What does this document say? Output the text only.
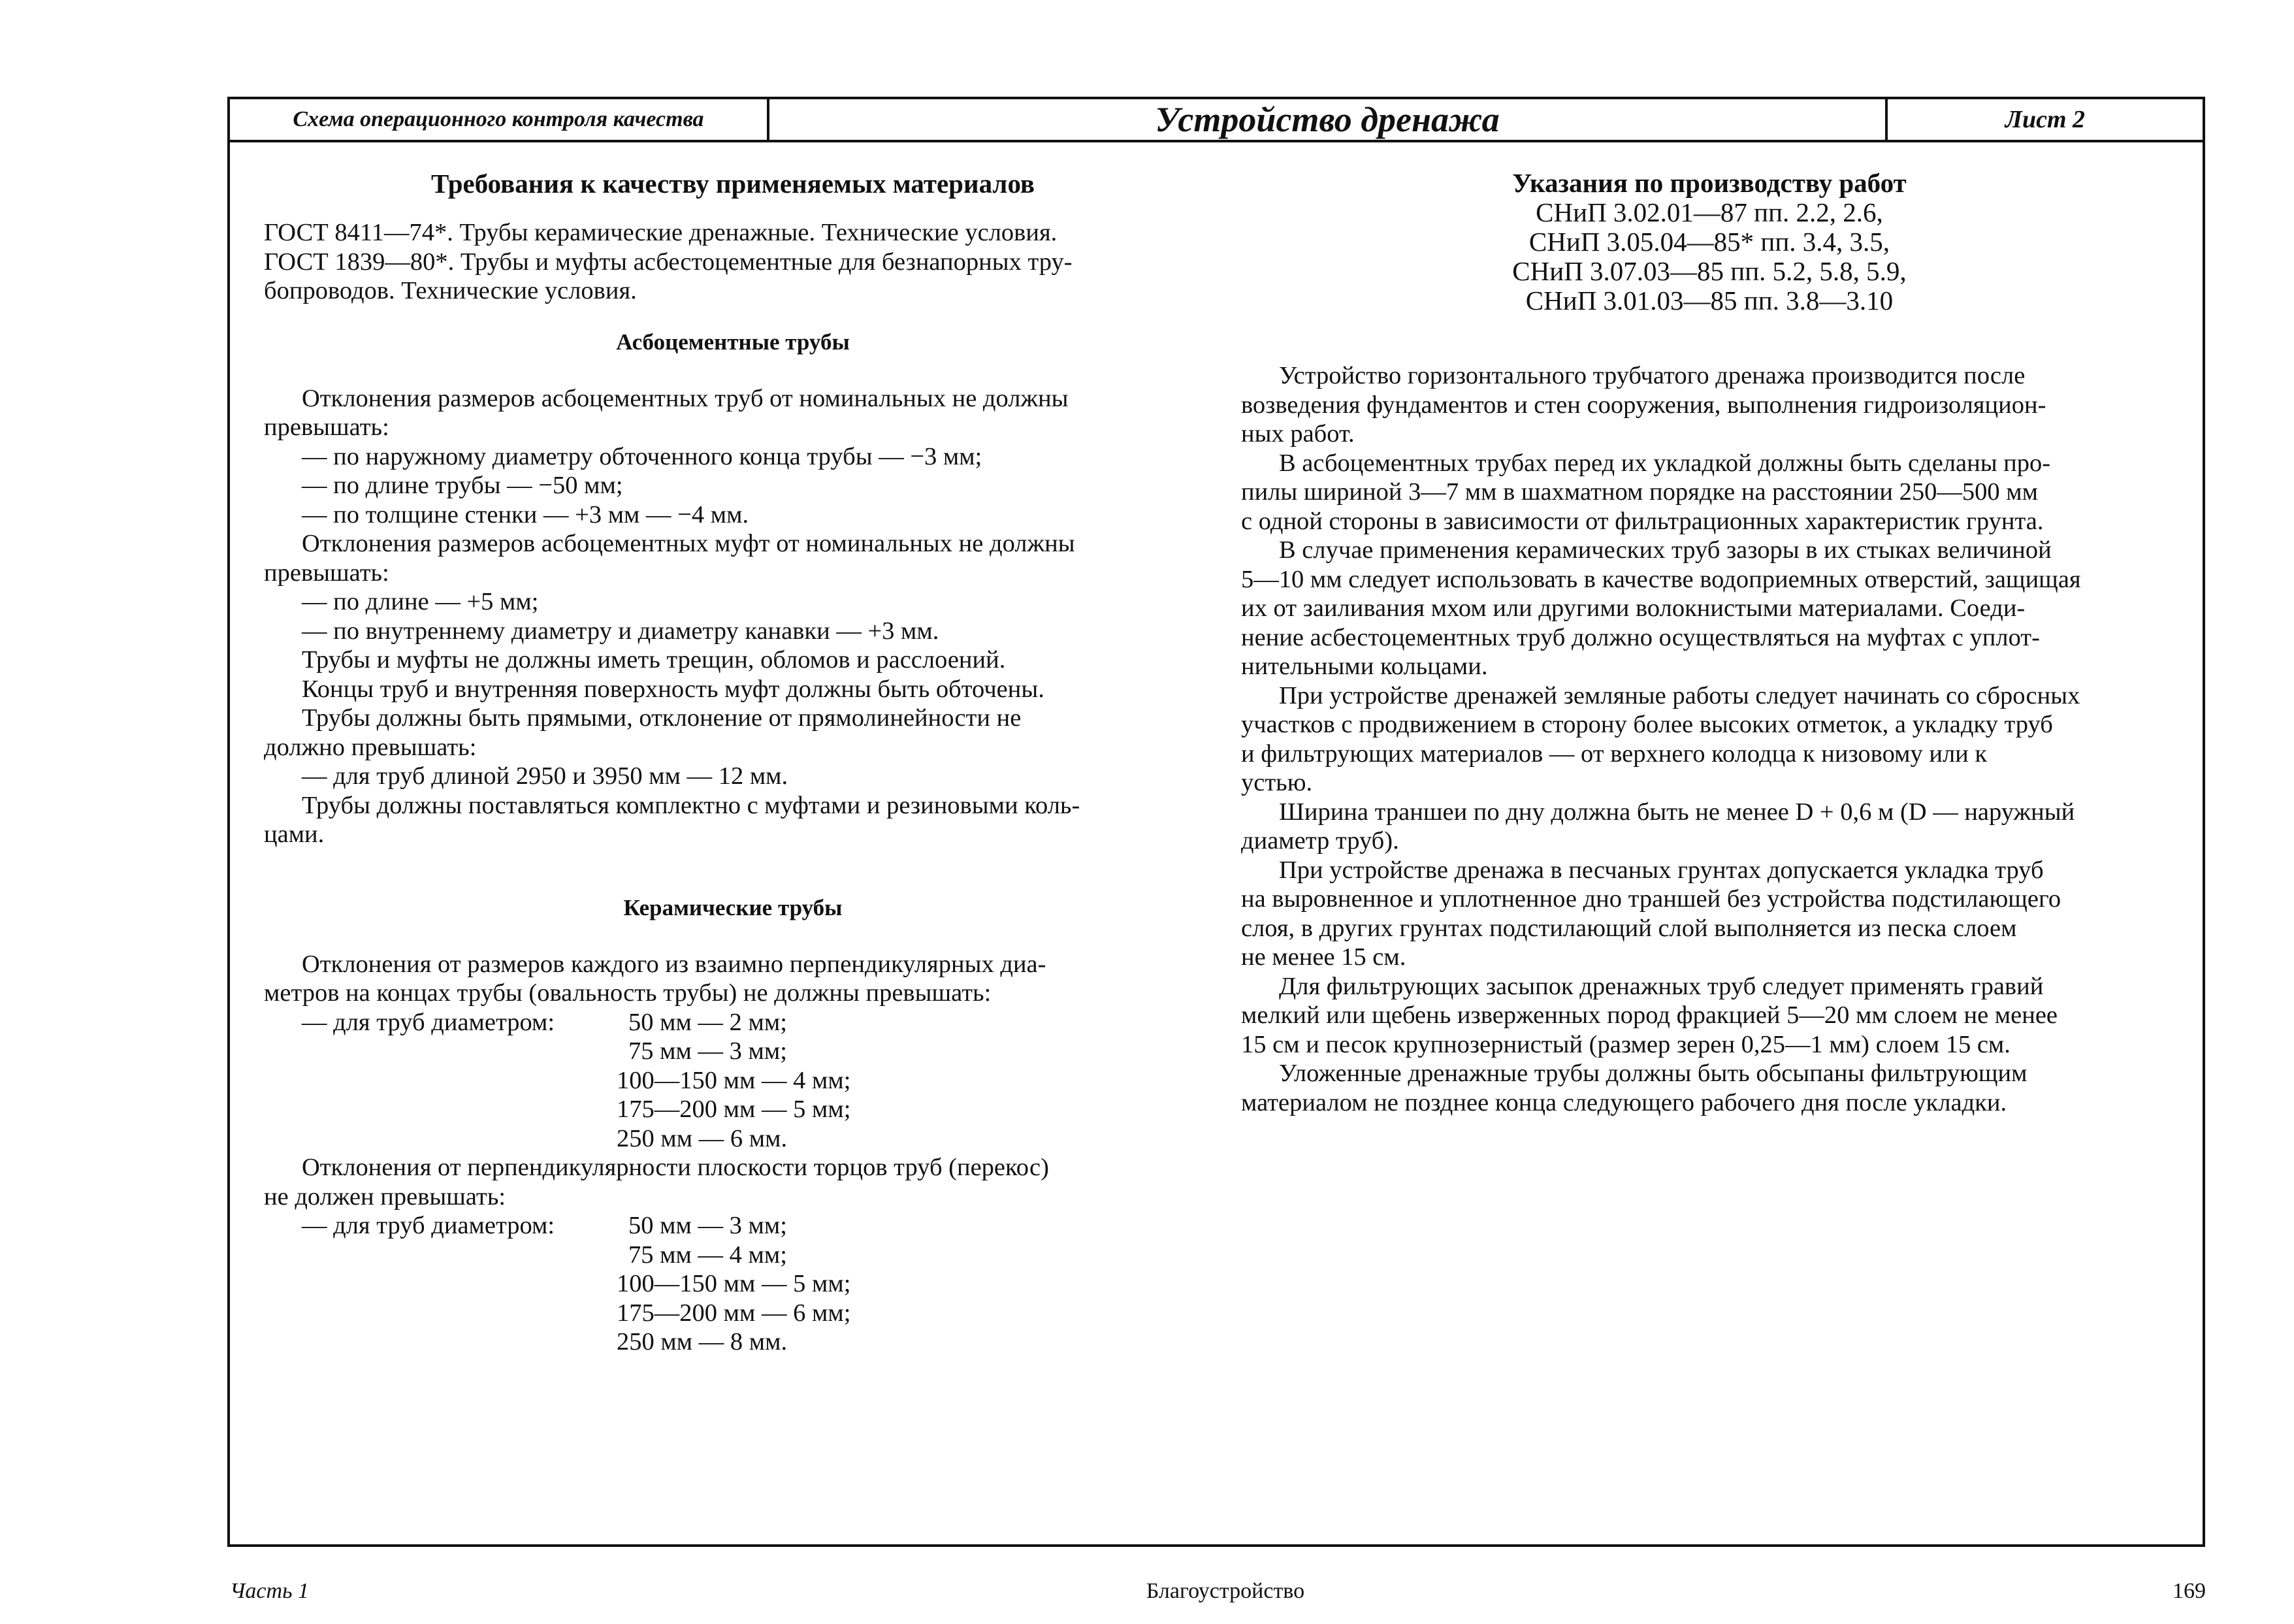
Схема операционного контроля качества	Устройство дренажа	Лист 2
Требования к качеству применяемых материалов
ГОСТ 8411—74*. Трубы керамические дренажные. Технические условия.
ГОСТ 1839—80*. Трубы и муфты асбестоцементные для безнапорных тру-
бопроводов. Технические условия.
Асбоцементные трубы
Отклонения размеров асбоцементных труб от номинальных не должны
превышать:
— по наружному диаметру обточенного конца трубы — −3 мм;
— по длине трубы — −50 мм;
— по толщине стенки — +3 мм — −4 мм.
Отклонения размеров асбоцементных муфт от номинальных не должны
превышать:
— по длине — +5 мм;
— по внутреннему диаметру и диаметру канавки — +3 мм.
Трубы и муфты не должны иметь трещин, обломов и расслоений.
Концы труб и внутренняя поверхность муфт должны быть обточены.
Трубы должны быть прямыми, отклонение от прямолинейности не
должно превышать:
— для труб длиной 2950 и 3950 мм — 12 мм.
Трубы должны поставляться комплектно с муфтами и резиновыми коль-
цами.
Керамические трубы
Отклонения от размеров каждого из взаимно перпендикулярных диа-
метров на концах трубы (овальность трубы) не должны превышать:
— для труб диаметром:	50 мм — 2 мм;
75 мм — 3 мм;
100—150 мм — 4 мм;
175—200 мм — 5 мм;
250 мм — 6 мм.
Отклонения от перпендикулярности плоскости торцов труб (перекос)
не должен превышать:
— для труб диаметром:	50 мм — 3 мм;
75 мм — 4 мм;
100—150 мм — 5 мм;
175—200 мм — 6 мм;
250 мм — 8 мм.
Указания по производству работ
СНиП 3.02.01—87 пп. 2.2, 2.6,
СНиП 3.05.04—85* пп. 3.4, 3.5,
СНиП 3.07.03—85 пп. 5.2, 5.8, 5.9,
СНиП 3.01.03—85 пп. 3.8—3.10
Устройство горизонтального трубчатого дренажа производится после
возведения фундаментов и стен сооружения, выполнения гидроизоляцион-
ных работ.
В асбоцементных трубах перед их укладкой должны быть сделаны про-
пилы шириной 3—7 мм в шахматном порядке на расстоянии 250—500 мм
с одной стороны в зависимости от фильтрационных характеристик грунта.
В случае применения керамических труб зазоры в их стыках величиной
5—10 мм следует использовать в качестве водоприемных отверстий, защищая
их от заиливания мхом или другими волокнистыми материалами. Соеди-
нение асбестоцементных труб должно осуществляться на муфтах с уплот-
нительными кольцами.
При устройстве дренажей земляные работы следует начинать со сбросных
участков с продвижением в сторону более высоких отметок, а укладку труб
и фильтрующих материалов — от верхнего колодца к низовому или к
устью.
Ширина траншеи по дну должна быть не менее D + 0,6 м (D — наружный
диаметр труб).
При устройстве дренажа в песчаных грунтах допускается укладка труб
на выровненное и уплотненное дно траншей без устройства подстилающего
слоя, в других грунтах подстилающий слой выполняется из песка слоем
не менее 15 см.
Для фильтрующих засыпок дренажных труб следует применять гравий
мелкий или щебень изверженных пород фракцией 5—20 мм слоем не менее
15 см и песок крупнозернистый (размер зерен 0,25—1 мм) слоем 15 см.
Уложенные дренажные трубы должны быть обсыпаны фильтрующим
материалом не позднее конца следующего рабочего дня после укладки.
Часть 1	Благоустройство	169
